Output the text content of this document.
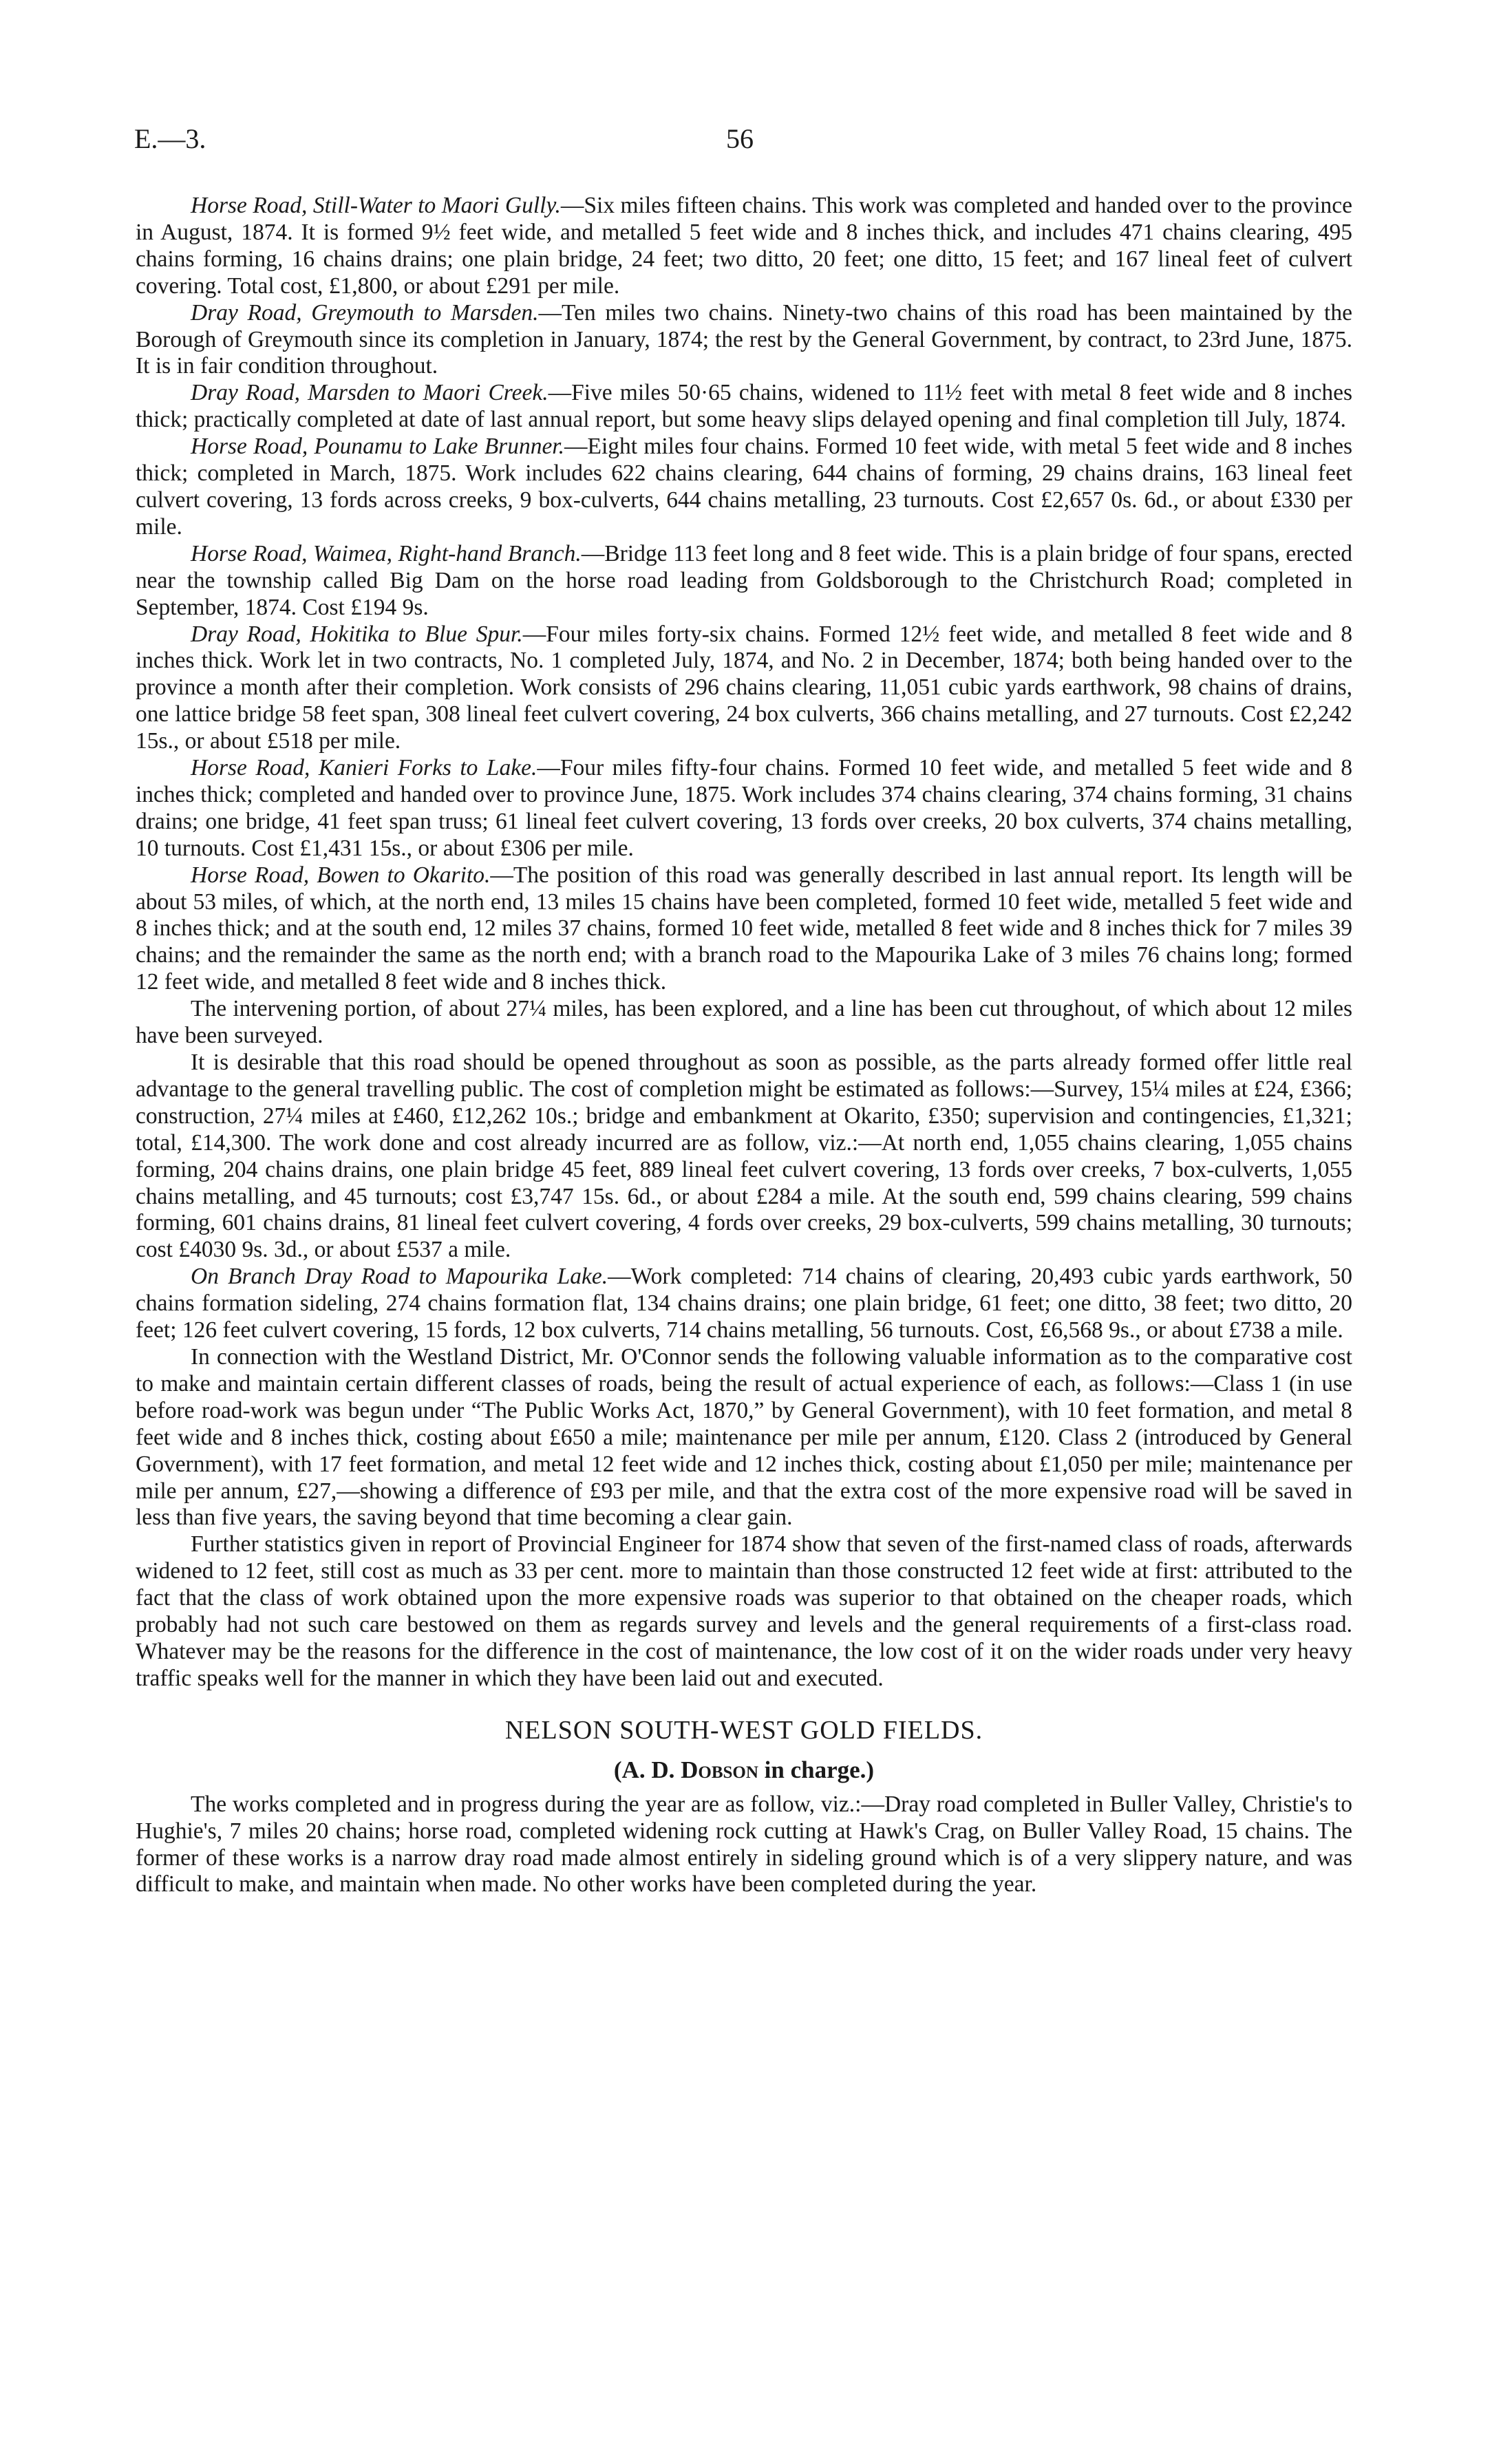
E.—3.	56

Horse Road, Still-Water to Maori Gully.—Six miles fifteen chains. This work was completed and handed over to the province in August, 1874. It is formed 9½ feet wide, and metalled 5 feet wide and 8 inches thick, and includes 471 chains clearing, 495 chains forming, 16 chains drains; one plain bridge, 24 feet; two ditto, 20 feet; one ditto, 15 feet; and 167 lineal feet of culvert covering. Total cost, £1,800, or about £291 per mile.

Dray Road, Greymouth to Marsden.—Ten miles two chains. Ninety-two chains of this road has been maintained by the Borough of Greymouth since its completion in January, 1874; the rest by the General Government, by contract, to 23rd June, 1875. It is in fair condition throughout.

Dray Road, Marsden to Maori Creek.—Five miles 50·65 chains, widened to 11½ feet with metal 8 feet wide and 8 inches thick; practically completed at date of last annual report, but some heavy slips delayed opening and final completion till July, 1874.

Horse Road, Pounamu to Lake Brunner.—Eight miles four chains. Formed 10 feet wide, with metal 5 feet wide and 8 inches thick; completed in March, 1875. Work includes 622 chains clearing, 644 chains of forming, 29 chains drains, 163 lineal feet culvert covering, 13 fords across creeks, 9 box-culverts, 644 chains metalling, 23 turnouts. Cost £2,657 0s. 6d., or about £330 per mile.

Horse Road, Waimea, Right-hand Branch.—Bridge 113 feet long and 8 feet wide. This is a plain bridge of four spans, erected near the township called Big Dam on the horse road leading from Goldsborough to the Christchurch Road; completed in September, 1874. Cost £194 9s.

Dray Road, Hokitika to Blue Spur.—Four miles forty-six chains. Formed 12½ feet wide, and metalled 8 feet wide and 8 inches thick. Work let in two contracts, No. 1 completed July, 1874, and No. 2 in December, 1874; both being handed over to the province a month after their completion. Work consists of 296 chains clearing, 11,051 cubic yards earthwork, 98 chains of drains, one lattice bridge 58 feet span, 308 lineal feet culvert covering, 24 box culverts, 366 chains metalling, and 27 turnouts. Cost £2,242 15s., or about £518 per mile.

Horse Road, Kanieri Forks to Lake.—Four miles fifty-four chains. Formed 10 feet wide, and metalled 5 feet wide and 8 inches thick; completed and handed over to province June, 1875. Work includes 374 chains clearing, 374 chains forming, 31 chains drains; one bridge, 41 feet span truss; 61 lineal feet culvert covering, 13 fords over creeks, 20 box culverts, 374 chains metalling, 10 turnouts. Cost £1,431 15s., or about £306 per mile.

Horse Road, Bowen to Okarito.—The position of this road was generally described in last annual report. Its length will be about 53 miles, of which, at the north end, 13 miles 15 chains have been completed, formed 10 feet wide, metalled 5 feet wide and 8 inches thick; and at the south end, 12 miles 37 chains, formed 10 feet wide, metalled 8 feet wide and 8 inches thick for 7 miles 39 chains; and the remainder the same as the north end; with a branch road to the Mapourika Lake of 3 miles 76 chains long; formed 12 feet wide, and metalled 8 feet wide and 8 inches thick.

The intervening portion, of about 27¼ miles, has been explored, and a line has been cut throughout, of which about 12 miles have been surveyed.

It is desirable that this road should be opened throughout as soon as possible, as the parts already formed offer little real advantage to the general travelling public. The cost of completion might be estimated as follows:—Survey, 15¼ miles at £24, £366; construction, 27¼ miles at £460, £12,262 10s.; bridge and embankment at Okarito, £350; supervision and contingencies, £1,321; total, £14,300. The work done and cost already incurred are as follow, viz.:—At north end, 1,055 chains clearing, 1,055 chains forming, 204 chains drains, one plain bridge 45 feet, 889 lineal feet culvert covering, 13 fords over creeks, 7 box-culverts, 1,055 chains metalling, and 45 turnouts; cost £3,747 15s. 6d., or about £284 a mile. At the south end, 599 chains clearing, 599 chains forming, 601 chains drains, 81 lineal feet culvert covering, 4 fords over creeks, 29 box-culverts, 599 chains metalling, 30 turnouts; cost £4030 9s. 3d., or about £537 a mile.

On Branch Dray Road to Mapourika Lake.—Work completed: 714 chains of clearing, 20,493 cubic yards earthwork, 50 chains formation sideling, 274 chains formation flat, 134 chains drains; one plain bridge, 61 feet; one ditto, 38 feet; two ditto, 20 feet; 126 feet culvert covering, 15 fords, 12 box culverts, 714 chains metalling, 56 turnouts. Cost, £6,568 9s., or about £738 a mile.

In connection with the Westland District, Mr. O'Connor sends the following valuable information as to the comparative cost to make and maintain certain different classes of roads, being the result of actual experience of each, as follows:—Class 1 (in use before road-work was begun under “The Public Works Act, 1870,” by General Government), with 10 feet formation, and metal 8 feet wide and 8 inches thick, costing about £650 a mile; maintenance per mile per annum, £120. Class 2 (introduced by General Government), with 17 feet formation, and metal 12 feet wide and 12 inches thick, costing about £1,050 per mile; maintenance per mile per annum, £27,—showing a difference of £93 per mile, and that the extra cost of the more expensive road will be saved in less than five years, the saving beyond that time becoming a clear gain.

Further statistics given in report of Provincial Engineer for 1874 show that seven of the first-named class of roads, afterwards widened to 12 feet, still cost as much as 33 per cent. more to maintain than those constructed 12 feet wide at first: attributed to the fact that the class of work obtained upon the more expensive roads was superior to that obtained on the cheaper roads, which probably had not such care bestowed on them as regards survey and levels and the general requirements of a first-class road. Whatever may be the reasons for the difference in the cost of maintenance, the low cost of it on the wider roads under very heavy traffic speaks well for the manner in which they have been laid out and executed.

NELSON SOUTH-WEST GOLD FIELDS.
(A. D. Dobson in charge.)

The works completed and in progress during the year are as follow, viz.:—Dray road completed in Buller Valley, Christie's to Hughie's, 7 miles 20 chains; horse road, completed widening rock cutting at Hawk's Crag, on Buller Valley Road, 15 chains. The former of these works is a narrow dray road made almost entirely in sideling ground which is of a very slippery nature, and was difficult to make, and maintain when made. No other works have been completed during the year.
